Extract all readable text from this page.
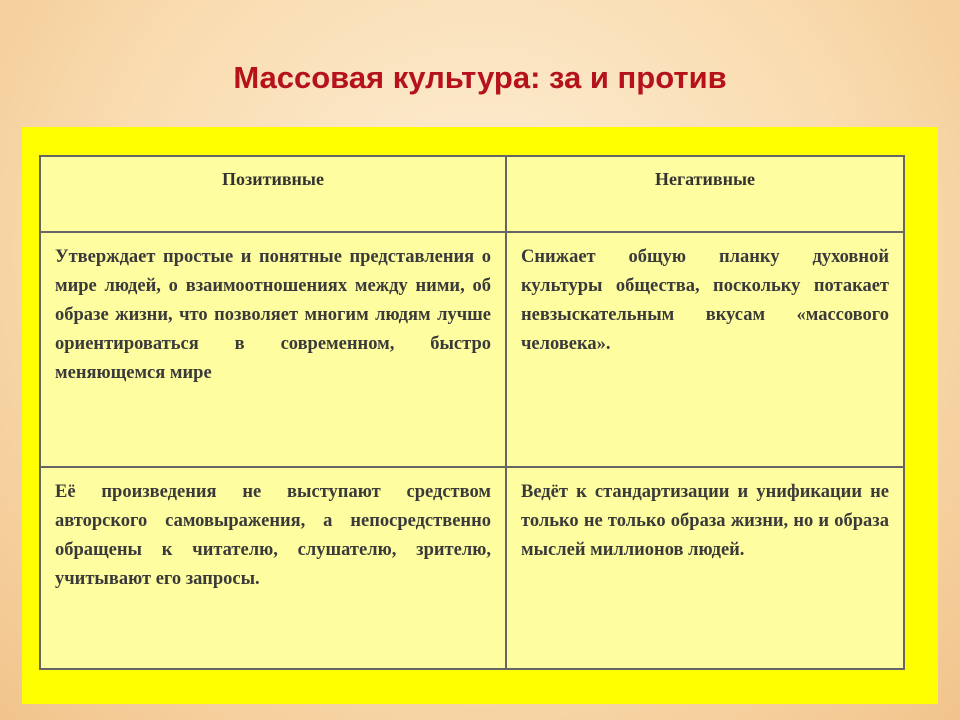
Массовая культура: за и против
Позитивные	Негативные
Утверждает простые и понятные представления о мире людей, о взаимоотношениях между ними, об образе жизни, что позволяет многим людям лучше ориентироваться в современном, быстро меняющемся мире	Снижает общую планку духовной культуры общества, поскольку потакает невзыскательным вкусам «массового человека».
Её произведения не выступают средством авторского самовыражения, а непосредственно обращены к читателю, слушателю, зрителю, учитывают его запросы.	Ведёт к стандартизации и унификации не только не только образа жизни, но и образа мыслей миллионов людей.
